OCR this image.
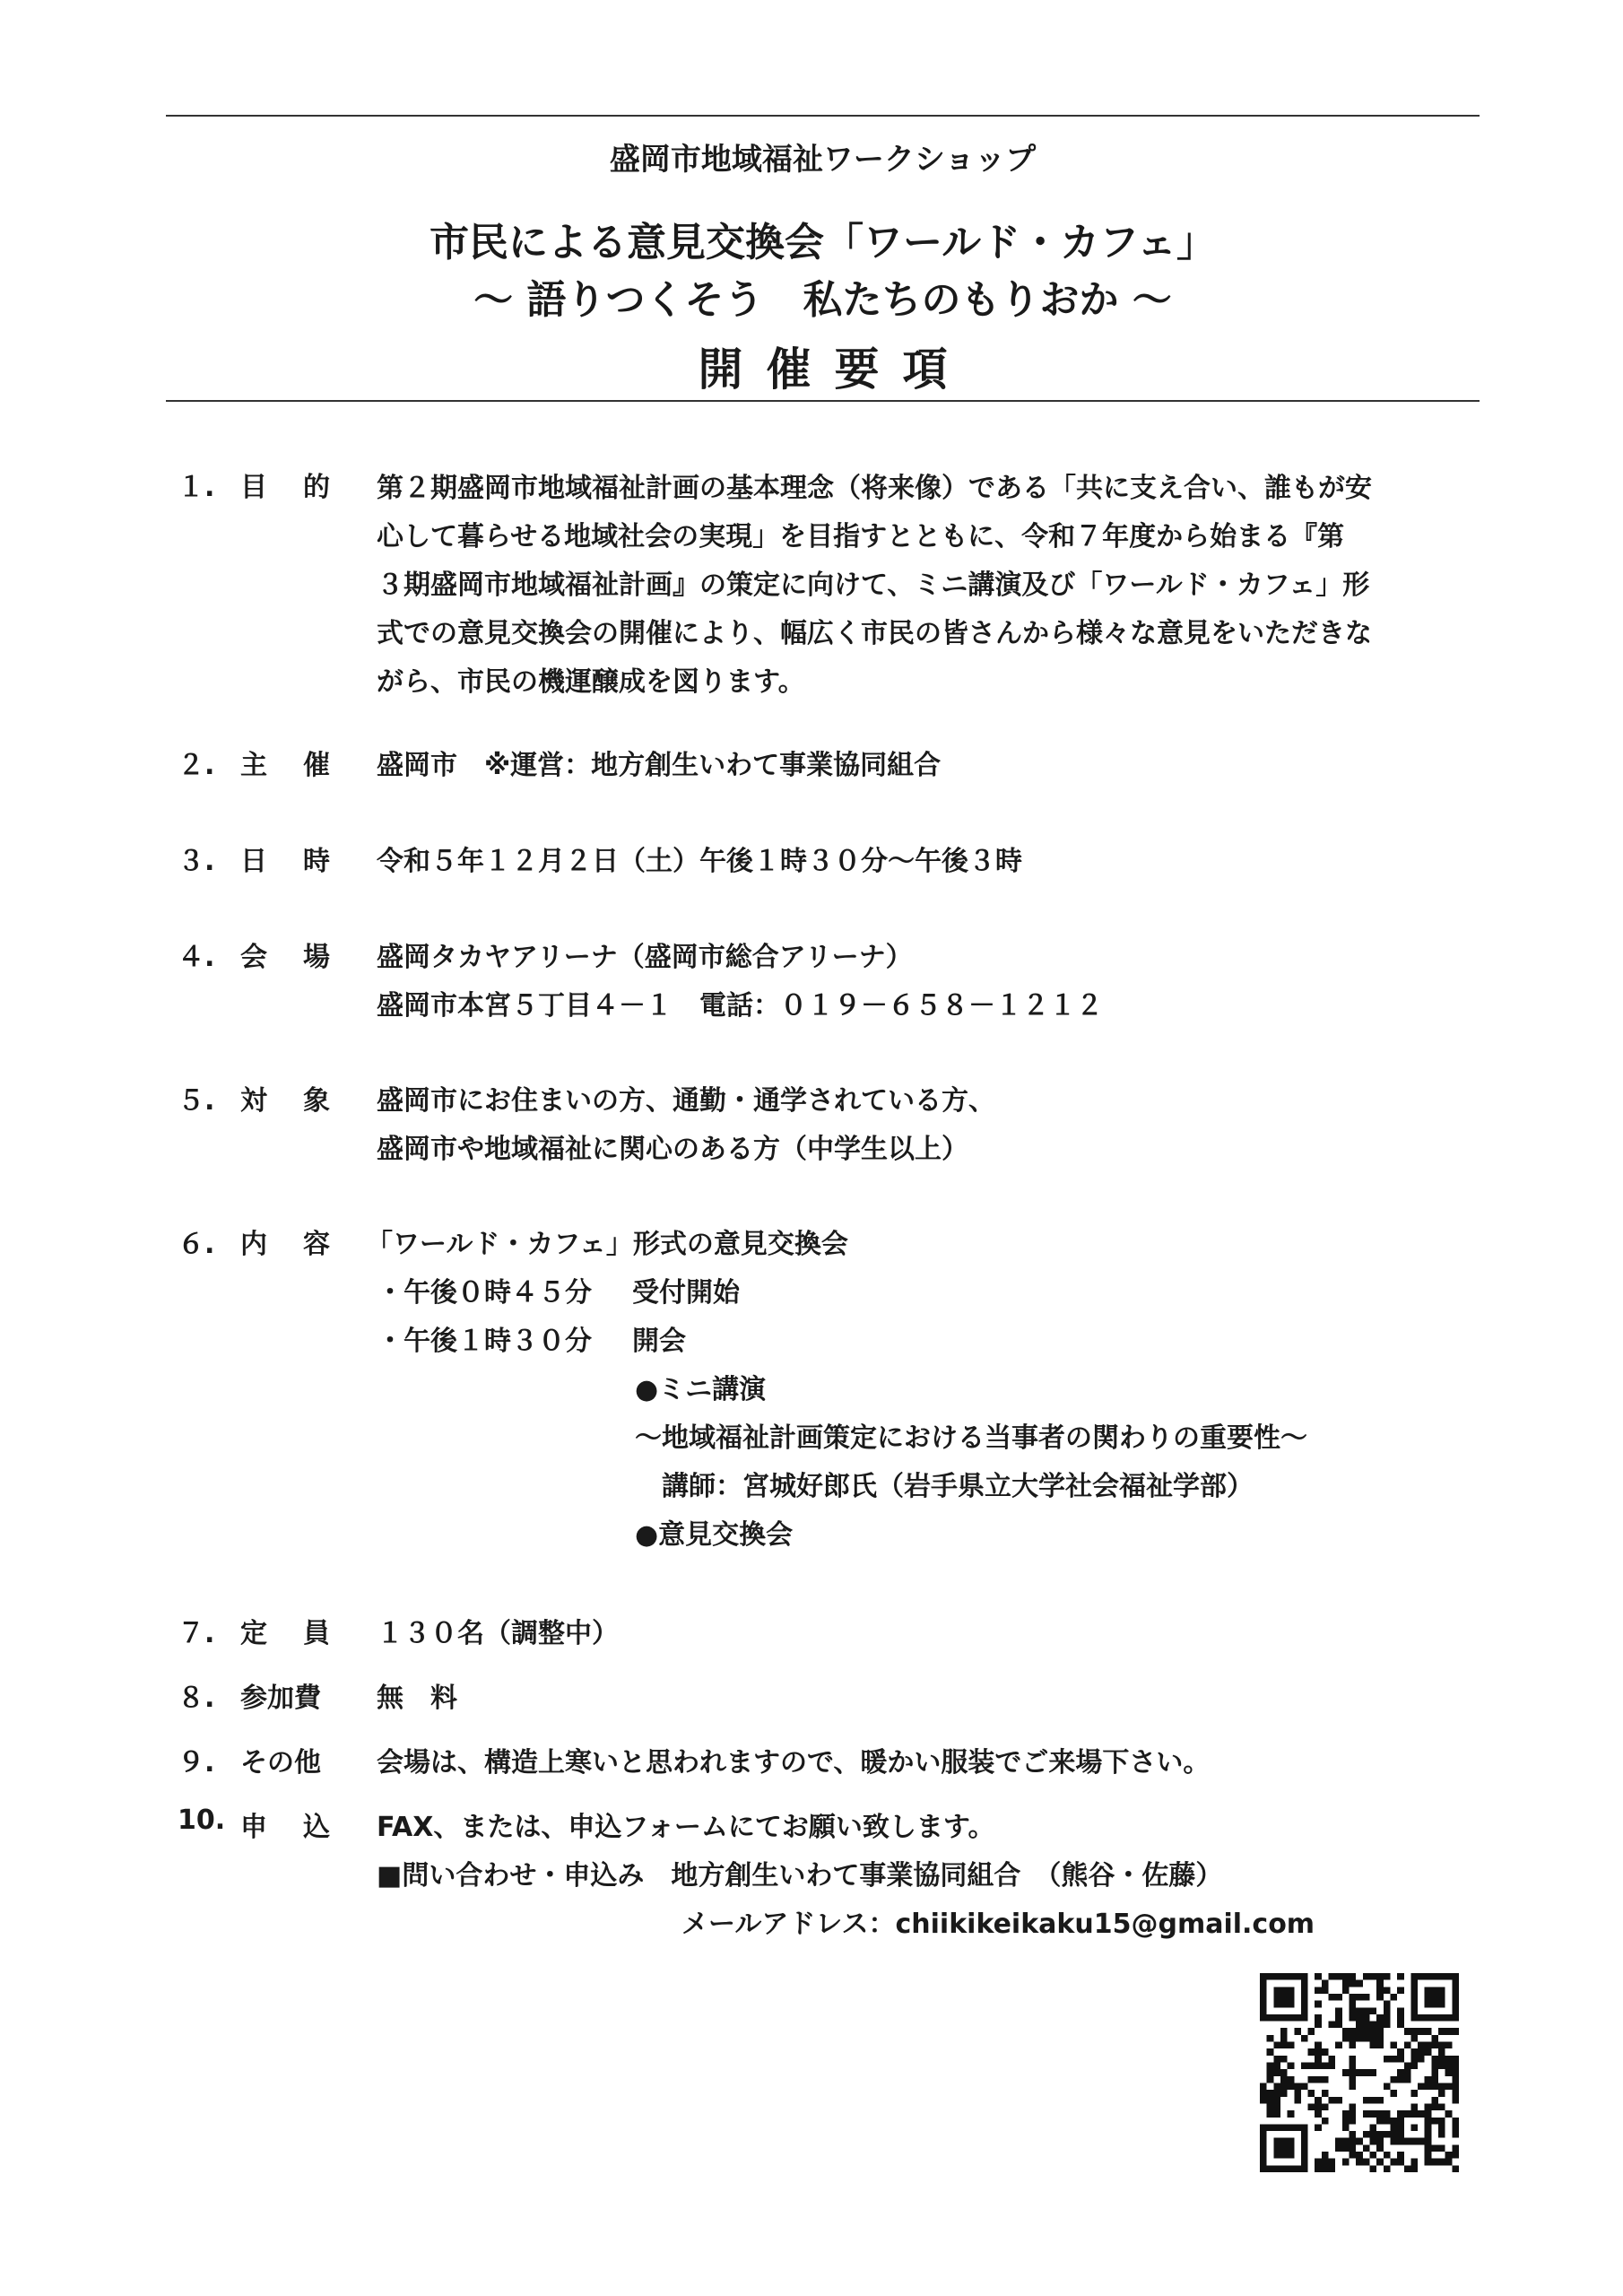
盛岡市地域福祉ワークショップ
市民による意見交換会「ワールド・カフェ」
～ 語りつくそう　私たちのもりおか ～
開催要項
１. 目 的 第２期盛岡市地域福祉計画の基本理念（将来像）である「共に支え合い、誰もが安
心して暮らせる地域社会の実現」を目指すとともに、令和７年度から始まる『第
３期盛岡市地域福祉計画』の策定に向けて、ミニ講演及び「ワールド・カフェ」形
式での意見交換会の開催により、幅広く市民の皆さんから様々な意見をいただきな
がら、市民の機運醸成を図ります。
２. 主 催 盛岡市　※運営：地方創生いわて事業協同組合
３. 日 時 令和５年１２月２日（土）午後１時３０分～午後３時
４. 会 場 盛岡タカヤアリーナ（盛岡市総合アリーナ）
盛岡市本宮５丁目４－１　電話：０１９－６５８－１２１２
５. 対 象 盛岡市にお住まいの方、通勤・通学されている方、
盛岡市や地域福祉に関心のある方（中学生以上）
６. 内 容 「ワールド・カフェ」形式の意見交換会
・午後０時４５分 受付開始
・午後１時３０分 開会
●ミニ講演
～地域福祉計画策定における当事者の関わりの重要性～
講師：宮城好郎氏（岩手県立大学社会福祉学部）
●意見交換会
７. 定 員 １３０名（調整中）
８. 参加費 無　料
９. その他 会場は、構造上寒いと思われますので、暖かい服装でご来場下さい。
10. 申 込 FAX、または、申込フォームにてお願い致します。
■問い合わせ・申込み　地方創生いわて事業協同組合　（熊谷・佐藤）
メールアドレス：chiikikeikaku15@gmail.com
